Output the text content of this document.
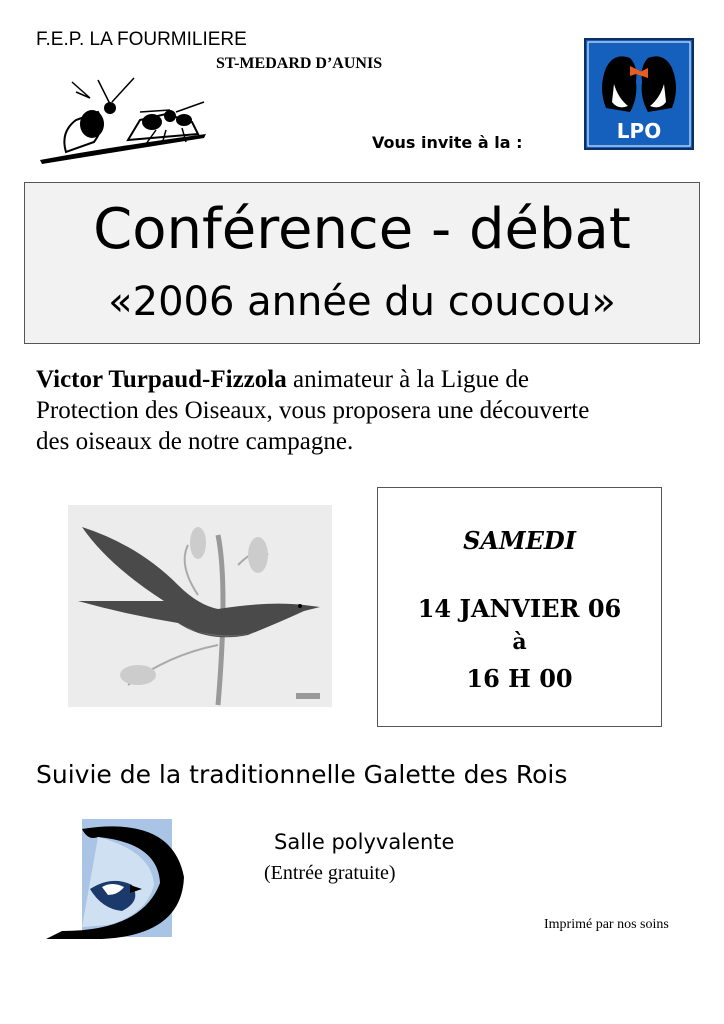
F.E.P. LA FOURMILIERE
ST-MEDARD D’AUNIS
Vous invite à la :	LPO
Conférence - débat
«2006 année du coucou»
Victor Turpaud-Fizzola animateur à la Ligue de
Protection des Oiseaux, vous proposera une découverte
des oiseaux de notre campagne.
SAMEDI
14 JANVIER 06
à
16 H 00
Suivie de la traditionnelle Galette des Rois
Salle polyvalente
(Entrée gratuite)
Imprimé par nos soins
